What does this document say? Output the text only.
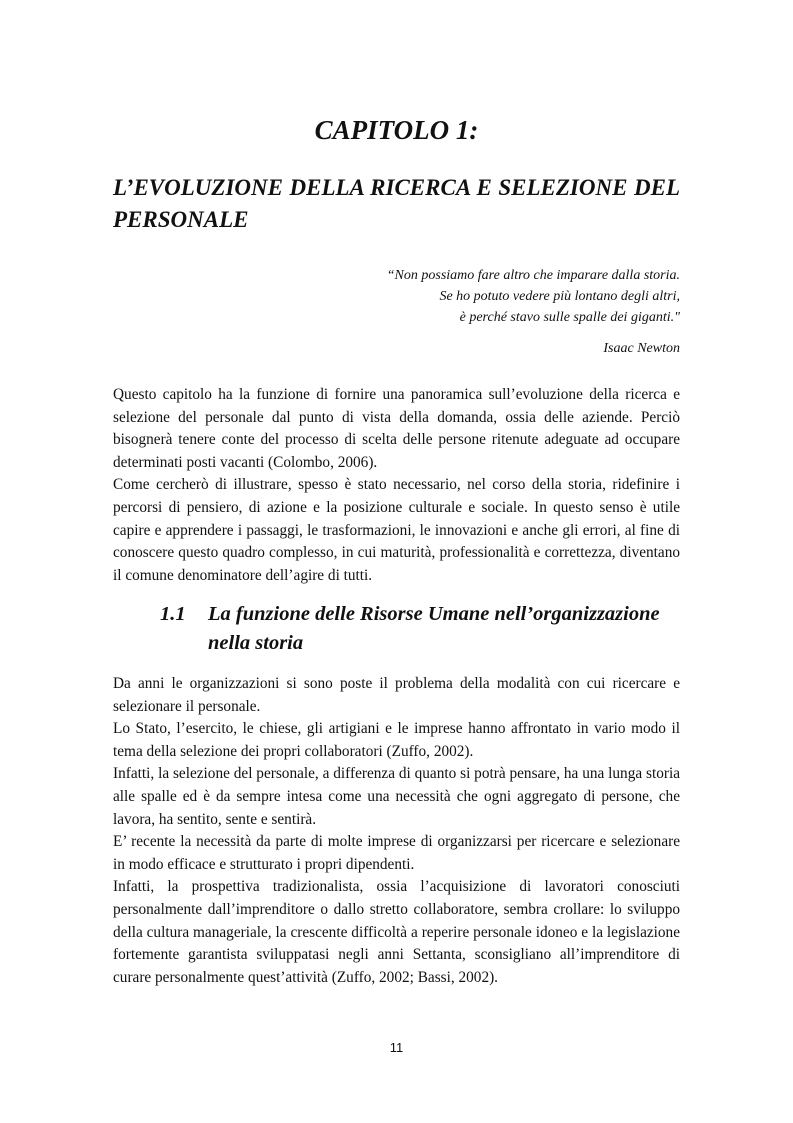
CAPITOLO 1:
L’EVOLUZIONE DELLA RICERCA E SELEZIONE DEL PERSONALE
“Non possiamo fare altro che imparare dalla storia.
Se ho potuto vedere più lontano degli altri,
è perché stavo sulle spalle dei giganti."
Isaac Newton

Questo capitolo ha la funzione di fornire una panoramica sull’evoluzione della ricerca e selezione del personale dal punto di vista della domanda, ossia delle aziende. Perciò bisognerà tenere conte del processo di scelta delle persone ritenute adeguate ad occupare determinati posti vacanti (Colombo, 2006).

Come cercherò di illustrare, spesso è stato necessario, nel corso della storia, ridefinire i percorsi di pensiero, di azione e la posizione culturale e sociale. In questo senso è utile capire e apprendere i passaggi, le trasformazioni, le innovazioni e anche gli errori, al fine di conoscere questo quadro complesso, in cui maturità, professionalità e correttezza, diventano il comune denominatore dell’agire di tutti.

1.1	La funzione delle Risorse Umane nell’organizzazione nella storia

Da anni le organizzazioni si sono poste il problema della modalità con cui ricercare e selezionare il personale.

Lo Stato, l’esercito, le chiese, gli artigiani e le imprese hanno affrontato in vario modo il tema della selezione dei propri collaboratori (Zuffo, 2002).

Infatti, la selezione del personale, a differenza di quanto si potrà pensare, ha una lunga storia alle spalle ed è da sempre intesa come una necessità che ogni aggregato di persone, che lavora, ha sentito, sente e sentirà.

E’ recente la necessità da parte di molte imprese di organizzarsi per ricercare e selezionare in modo efficace e strutturato i propri dipendenti.

Infatti, la prospettiva tradizionalista, ossia l’acquisizione di lavoratori conosciuti personalmente dall’imprenditore o dallo stretto collaboratore, sembra crollare: lo sviluppo della cultura manageriale, la crescente difficoltà a reperire personale idoneo e la legislazione fortemente garantista sviluppatasi negli anni Settanta, sconsigliano all’imprenditore di curare personalmente quest’attività (Zuffo, 2002; Bassi, 2002).

11
